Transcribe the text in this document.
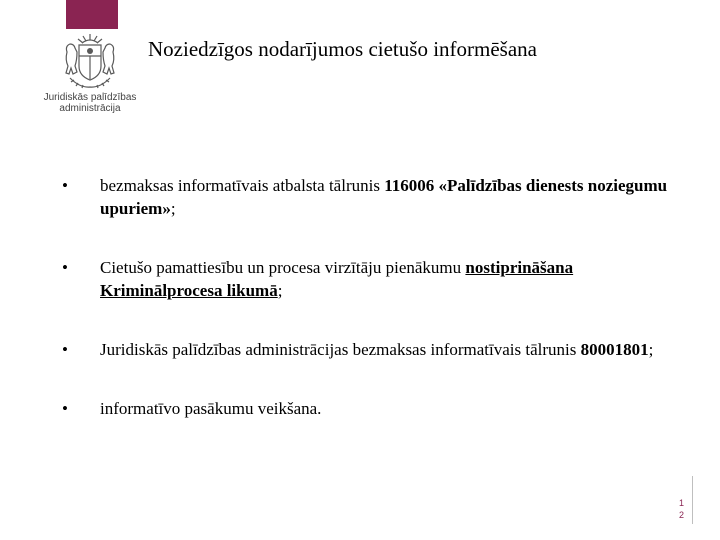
Juridiskās palīdzības
administrācija
Noziedzīgos nodarījumos cietušo informēšana
• bezmaksas informatīvais atbalsta tālrunis 116006 «Palīdzības dienests noziegumu upuriem»;
• Cietušo pamattiesību un procesa virzītāju pienākumu nostiprināšana Kriminālprocesa likumā;
• Juridiskās palīdzības administrācijas bezmaksas informatīvais tālrunis 80001801;
• informatīvo pasākumu veikšana.
1
2
